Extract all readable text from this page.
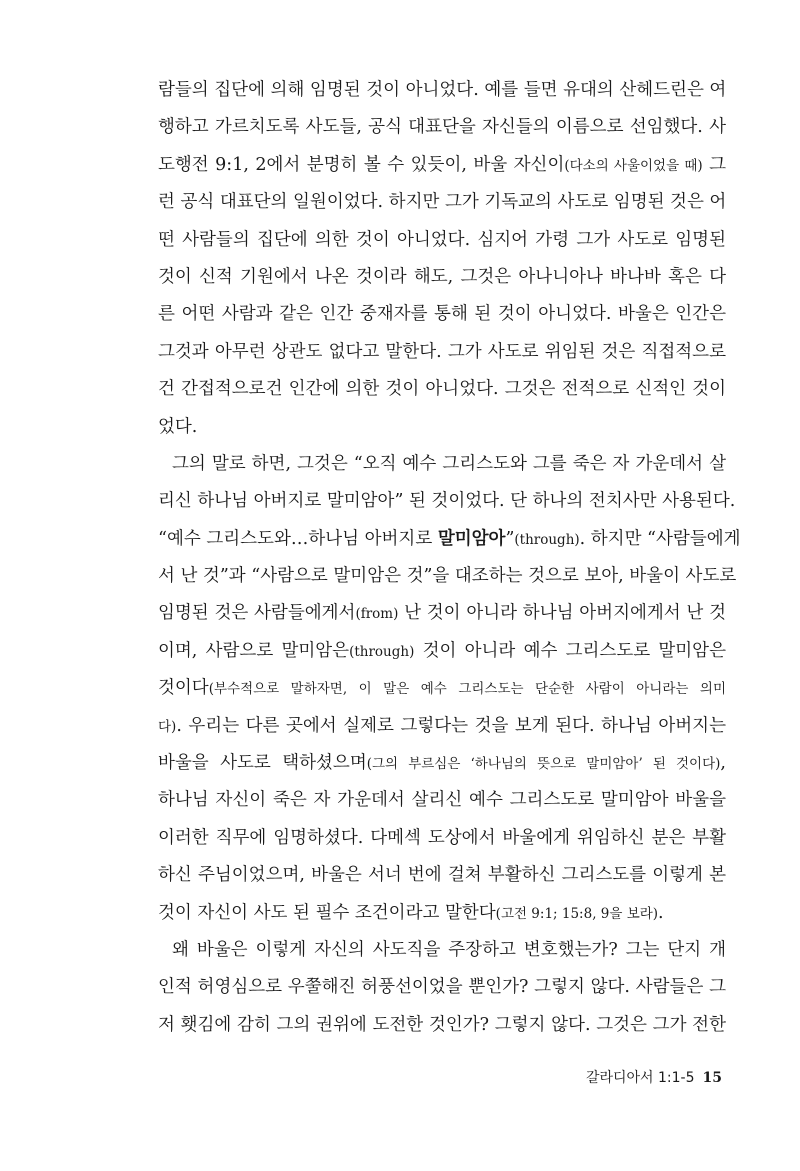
람들의 집단에 의해 임명된 것이 아니었다. 예를 들면 유대의 산헤드린은 여
행하고 가르치도록 사도들, 공식 대표단을 자신들의 이름으로 선임했다. 사
도행전 9:1, 2에서 분명히 볼 수 있듯이, 바울 자신이(다소의 사울이었을 때) 그
런 공식 대표단의 일원이었다. 하지만 그가 기독교의 사도로 임명된 것은 어
떤 사람들의 집단에 의한 것이 아니었다. 심지어 가령 그가 사도로 임명된
것이 신적 기원에서 나온 것이라 해도, 그것은 아나니아나 바나바 혹은 다
른 어떤 사람과 같은 인간 중재자를 통해 된 것이 아니었다. 바울은 인간은
그것과 아무런 상관도 없다고 말한다. 그가 사도로 위임된 것은 직접적으로
건 간접적으로건 인간에 의한 것이 아니었다. 그것은 전적으로 신적인 것이
었다.
그의 말로 하면, 그것은 “오직 예수 그리스도와 그를 죽은 자 가운데서 살
리신 하나님 아버지로 말미암아” 된 것이었다. 단 하나의 전치사만 사용된다.
“예수 그리스도와…하나님 아버지로 말미암아”(through). 하지만 “사람들에게
서 난 것”과 “사람으로 말미암은 것”을 대조하는 것으로 보아, 바울이 사도로
임명된 것은 사람들에게서(from) 난 것이 아니라 하나님 아버지에게서 난 것
이며, 사람으로 말미암은(through) 것이 아니라 예수 그리스도로 말미암은
것이다(부수적으로 말하자면, 이 말은 예수 그리스도는 단순한 사람이 아니라는 의미
다). 우리는 다른 곳에서 실제로 그렇다는 것을 보게 된다. 하나님 아버지는
바울을 사도로 택하셨으며(그의 부르심은 ‘하나님의 뜻으로 말미암아’ 된 것이다),
하나님 자신이 죽은 자 가운데서 살리신 예수 그리스도로 말미암아 바울을
이러한 직무에 임명하셨다. 다메섹 도상에서 바울에게 위임하신 분은 부활
하신 주님이었으며, 바울은 서너 번에 걸쳐 부활하신 그리스도를 이렇게 본
것이 자신이 사도 된 필수 조건이라고 말한다(고전 9:1; 15:8, 9을 보라).
왜 바울은 이렇게 자신의 사도직을 주장하고 변호했는가? 그는 단지 개
인적 허영심으로 우쭐해진 허풍선이었을 뿐인가? 그렇지 않다. 사람들은 그
저 횃김에 감히 그의 권위에 도전한 것인가? 그렇지 않다. 그것은 그가 전한
갈라디아서 1:1-5 15
